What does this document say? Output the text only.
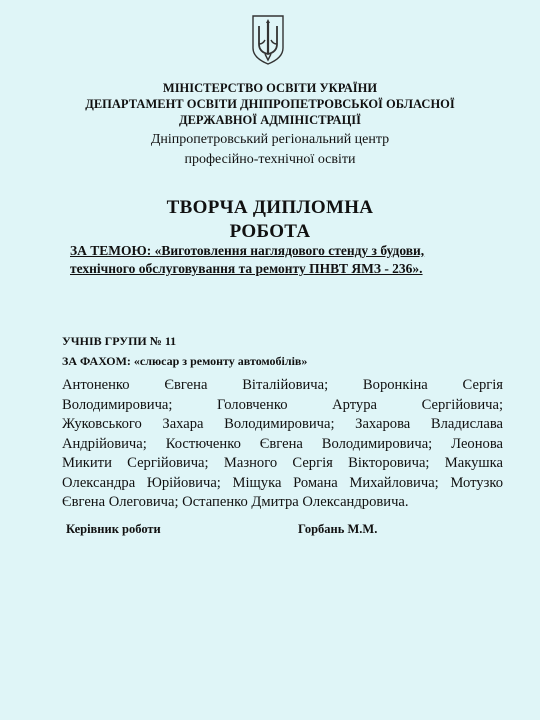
МІНІСТЕРСТВО ОСВІТИ УКРАЇНИ
ДЕПАРТАМЕНТ ОСВІТИ ДНІПРОПЕТРОВСЬКОЇ ОБЛАСНОЇ
ДЕРЖАВНОЇ АДМІНІСТРАЦІЇ
Дніпропетровський регіональний центр
професійно-технічної освіти
ТВОРЧА ДИПЛОМНА
РОБОТА
ЗА ТЕМОЮ: «Виготовлення наглядового стенду з будови,
технічного обслуговування та ремонту ПНВТ ЯМЗ - 236».
УЧНІВ ГРУПИ № 11
ЗА ФАХОМ: «слюсар з ремонту автомобілів»
Антоненко Євгена Віталійовича; Воронкіна Сергія
Володимировича; Головченко Артура Сергійовича;
Жуковського Захара Володимировича; Захарова Владислава
Андрійовича; Костюченко Євгена Володимировича; Леонова
Микити Сергійовича; Мазного Сергія Вікторовича; Макушка
Олександра Юрійовича; Міщука Романа Михайловича; Мотузко
Євгена Олеговича; Остапенко Дмитра Олександровича.
Керівник роботи	Горбань М.М.
